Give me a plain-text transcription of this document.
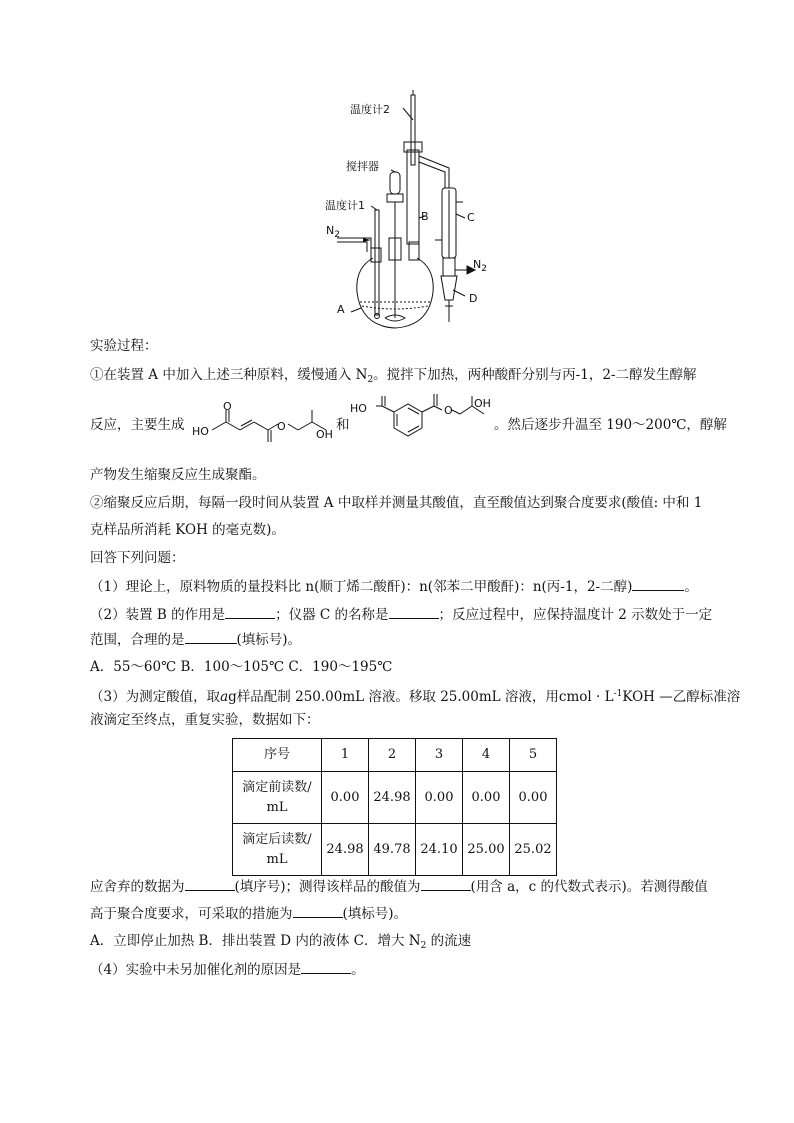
温度计2
搅拌器
温度计1
$N_2$
$N_2$
A
B	C
D
实验过程：
①在装置 A 中加入上述三种原料，缓慢通入 $N_2$。搅拌下加热，两种酸酐分别与丙-1，2-二醇发生醇解
反应，主要生成 HO
O
O
OH
和
HO	O
OH
。然后逐步升温至 190～200℃，醇解
产物发生缩聚反应生成聚酯。
②缩聚反应后期，每隔一段时间从装置 A 中取样并测量其酸值，直至酸值达到聚合度要求(酸值: 中和 1
克样品所消耗 KOH 的毫克数)。
回答下列问题：
（1）理论上，原料物质的量投料比 n(顺丁烯二酸酐)：n(邻苯二甲酸酐)：n(丙-1，2-二醇)	。
（2）装置 B 的作用是	；仪器 C 的名称是	；反应过程中，应保持温度计 2 示数处于一定
范围，合理的是	(填标号)。
A．55～60℃ B．100～105℃ C．190～195℃
（3）为测定酸值，取ag样品配制 250.00mL 溶液。移取 25.00mL 溶液，用cmol · $L^{-1}KOH$ —乙醇标准溶
液滴定至终点，重复实验，数据如下：
序号	1	2	3	4	5

滴定前读数/
mL	0.00	24.98	0.00	0.00	0.00

滴定后读数/
mL	24.98	49.78	24.10	25.00	25.02
应舍弃的数据为	(填序号)；测得该样品的酸值为	(用含 a，c 的代数式表示)。若测得酸值
高于聚合度要求，可采取的措施为	(填标号)。
A．立即停止加热 B．排出装置 D 内的液体 C．增大 $N_2$ 的流速
（4）实验中未另加催化剂的原因是	。
